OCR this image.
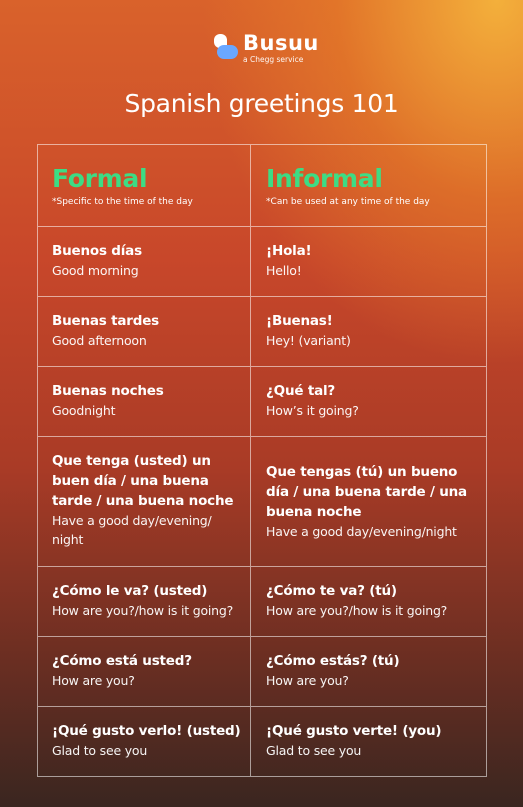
Busuu
a Chegg service
Spanish greetings 101
Formal
*Specific to the time of the day
Informal
*Can be used at any time of the day
Buenos días
Good morning
¡Hola!
Hello!
Buenas tardes
Good afternoon
¡Buenas!
Hey! (variant)
Buenas noches
Goodnight
¿Qué tal?
How’s it going?
Que tenga (usted) un buen día / una buena tarde / una buena noche
Have a good day/evening/ night
Que tengas (tú) un bueno día / una buena tarde / una buena noche
Have a good day/evening/night
¿Cómo le va? (usted)
How are you?/how is it going?
¿Cómo te va? (tú)
How are you?/how is it going?
¿Cómo está usted?
How are you?
¿Cómo estás? (tú)
How are you?
¡Qué gusto verlo! (usted)
Glad to see you
¡Qué gusto verte! (you)
Glad to see you
